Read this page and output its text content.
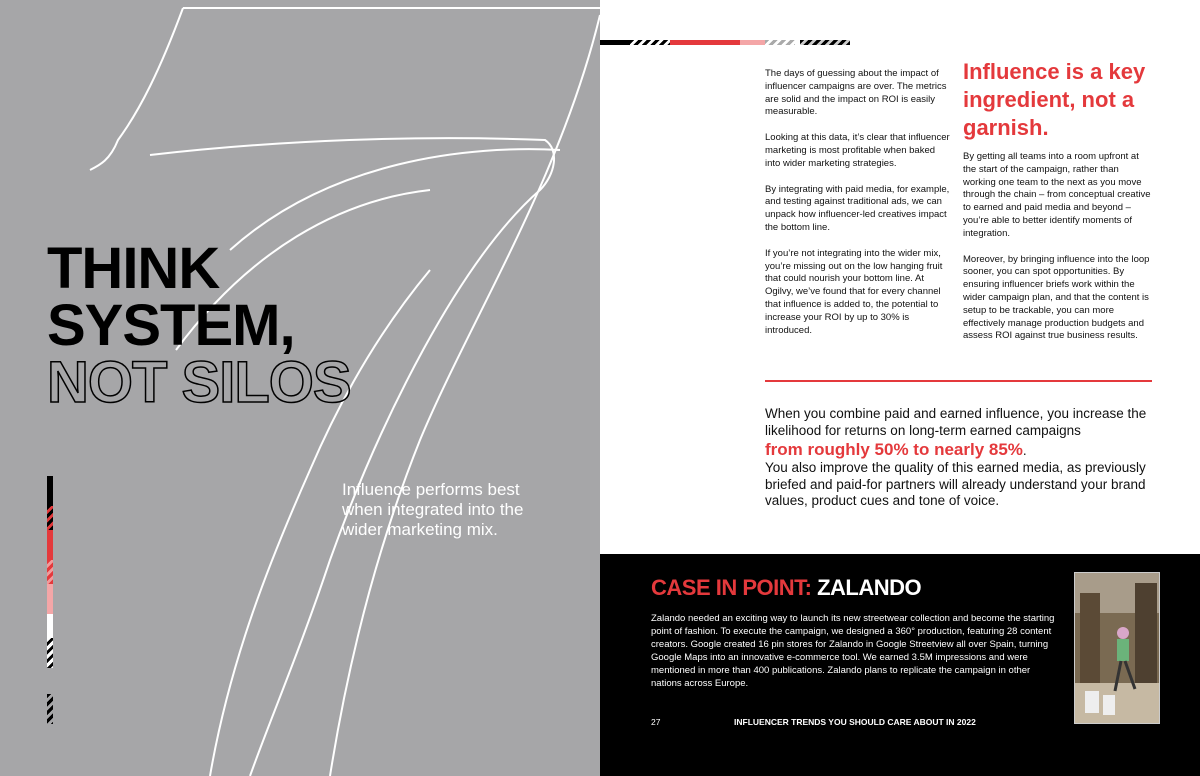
THINK
SYSTEM,
NOT SILOS
Influence performs best when integrated into the wider marketing mix.

The days of guessing about the impact of influencer campaigns are over. The metrics are solid and the impact on ROI is easily measurable.

Looking at this data, it’s clear that influencer marketing is most profitable when baked into wider marketing strategies.

By integrating with paid media, for example, and testing against traditional ads, we can unpack how influencer-led creatives impact the bottom line.

If you’re not integrating into the wider mix, you’re missing out on the low hanging fruit that could nourish your bottom line. At Ogilvy, we’ve found that for every channel that influence is added to, the potential to increase your ROI by up to 30% is introduced.

Influence is a key ingredient, not a garnish.

By getting all teams into a room upfront at the start of the campaign, rather than working one team to the next as you move through the chain – from conceptual creative to earned and paid media and beyond – you’re able to better identify moments of integration.

Moreover, by bringing influence into the loop sooner, you can spot opportunities. By ensuring influencer briefs work within the wider campaign plan, and that the content is setup to be trackable, you can more effectively manage production budgets and assess ROI against true business results.

When you combine paid and earned influence, you increase the likelihood for returns on long-term earned campaigns
from roughly 50% to nearly 85%.
You also improve the quality of this earned media, as previously briefed and paid-for partners will already understand your brand values, product cues and tone of voice.
CASE IN POINT: ZALANDO
Zalando needed an exciting way to launch its new streetwear collection and become the starting point of fashion. To execute the campaign, we designed a 360° production, featuring 28 content creators. Google created 16 pin stores for Zalando in Google Streetview all over Spain, turning Google Maps into an innovative e-commerce tool. We earned 3.5M impressions and were mentioned in more than 400 publications. Zalando plans to replicate the campaign in other nations across Europe.
27	INFLUENCER TRENDS YOU SHOULD CARE ABOUT IN 2022
